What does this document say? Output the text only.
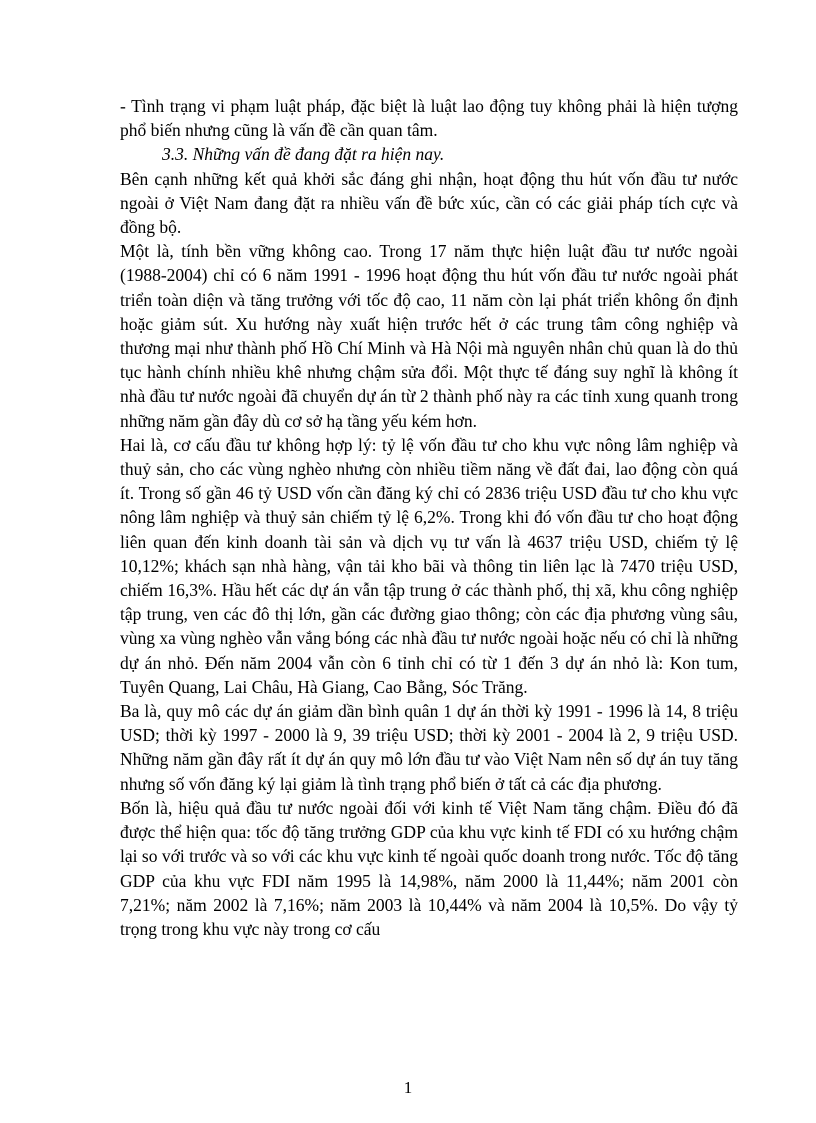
- Tình trạng vi phạm luật pháp, đặc biệt là luật lao động tuy không phải là hiện tượng phổ biến nhưng cũng là vấn đề cần quan tâm.

3.3. Những vấn đề đang đặt ra hiện nay.

Bên cạnh những kết quả khởi sắc đáng ghi nhận, hoạt động thu hút vốn đầu tư nước ngoài ở Việt Nam đang đặt ra nhiều vấn đề bức xúc, cần có các giải pháp tích cực và đồng bộ.

Một là, tính bền vững không cao. Trong 17 năm thực hiện luật đầu tư nước ngoài (1988-2004) chỉ có 6 năm 1991 - 1996 hoạt động thu hút vốn đầu tư nước ngoài phát triển toàn diện và tăng trưởng với tốc độ cao, 11 năm còn lại phát triển không ổn định hoặc giảm sút. Xu hướng này xuất hiện trước hết ở các trung tâm công nghiệp và thương mại như thành phố Hồ Chí Minh và Hà Nội mà nguyên nhân chủ quan là do thủ tục hành chính nhiều khê nhưng chậm sửa đổi. Một thực tế đáng suy nghĩ là không ít nhà đầu tư nước ngoài đã chuyển dự án từ 2 thành phố này ra các tỉnh xung quanh trong những năm gần đây dù cơ sở hạ tầng yếu kém hơn.

Hai là, cơ cấu đầu tư không hợp lý: tỷ lệ vốn đầu tư cho khu vực nông lâm nghiệp và thuỷ sản, cho các vùng nghèo nhưng còn nhiều tiềm năng về đất đai, lao động còn quá ít. Trong số gần 46 tỷ USD vốn cần đăng ký chỉ có 2836 triệu USD đầu tư cho khu vực nông lâm nghiệp và thuỷ sản chiếm tỷ lệ 6,2%. Trong khi đó vốn đầu tư cho hoạt động liên quan đến kinh doanh tài sản và dịch vụ tư vấn là 4637 triệu USD, chiếm tỷ lệ 10,12%; khách sạn nhà hàng, vận tải kho bãi và thông tin liên lạc là 7470 triệu USD, chiếm 16,3%. Hầu hết các dự án vẫn tập trung ở các thành phố, thị xã, khu công nghiệp tập trung, ven các đô thị lớn, gần các đường giao thông; còn các địa phương vùng sâu, vùng xa vùng nghèo vẫn vắng bóng các nhà đầu tư nước ngoài hoặc nếu có chỉ là những dự án nhỏ. Đến năm 2004 vẫn còn 6 tỉnh chỉ có từ 1 đến 3 dự án nhỏ là: Kon tum, Tuyên Quang, Lai Châu, Hà Giang, Cao Bằng, Sóc Trăng.

Ba là, quy mô các dự án giảm dần bình quân 1 dự án thời kỳ 1991 - 1996 là 14, 8 triệu USD; thời kỳ 1997 - 2000 là 9, 39 triệu USD; thời kỳ 2001 - 2004 là 2, 9 triệu USD. Những năm gần đây rất ít dự án quy mô lớn đầu tư vào Việt Nam nên số dự án tuy tăng nhưng số vốn đăng ký lại giảm là tình trạng phổ biến ở tất cả các địa phương.

Bốn là, hiệu quả đầu tư nước ngoài đối với kinh tế Việt Nam tăng chậm. Điều đó đã được thể hiện qua: tốc độ tăng trưởng GDP của khu vực kinh tế FDI có xu hướng chậm lại so với trước và so với các khu vực kinh tế ngoài quốc doanh trong nước. Tốc độ tăng GDP của khu vực FDI năm 1995 là 14,98%, năm 2000 là 11,44%; năm 2001 còn 7,21%; năm 2002 là 7,16%; năm 2003 là 10,44% và năm 2004 là 10,5%. Do vậy tỷ trọng trong khu vực này trong cơ cấu

1
